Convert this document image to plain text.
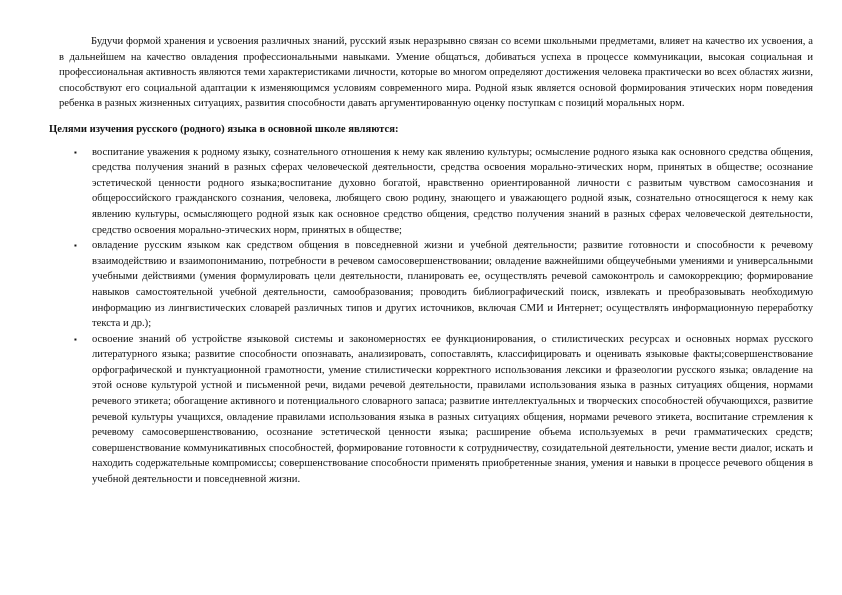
Будучи формой хранения и усвоения различных знаний, русский язык неразрывно связан со всеми школьными предметами, влияет на качество их усвоения, а в дальнейшем на качество овладения профессиональными навыками. Умение общаться, добиваться успеха в процессе коммуникации, высокая социальная и профессиональная активность являются теми характеристиками личности, которые во многом определяют достижения человека практически во всех областях жизни, способствуют его социальной адаптации к изменяющимся условиям современного мира. Родной язык является основой формирования этических норм поведения ребенка в разных жизненных ситуациях, развития способности давать аргументированную оценку поступкам с позиций моральных норм.

Целями изучения русского (родного) языка в основной школе являются:

▪ воспитание уважения к родному языку, сознательного отношения к нему как явлению культуры; осмысление родного языка как основного средства общения, средства получения знаний в разных сферах человеческой деятельности, средства освоения морально-этических норм, принятых в обществе; осознание эстетической ценности родного языка;воспитание духовно богатой, нравственно ориентированной личности с развитым чувством самосознания и общероссийского гражданского сознания, человека, любящего свою родину, знающего и уважающего родной язык, сознательно относящегося к нему как явлению культуры, осмысляющего родной язык как основное средство общения, средство получения знаний в разных сферах человеческой деятельности, средство освоения морально-этических норм, принятых в обществе;
▪ овладение русским языком как средством общения в повседневной жизни и учебной деятельности; развитие готовности и способности к речевому взаимодействию и взаимопониманию, потребности в речевом самосовершенствовании; овладение важнейшими общеучебными умениями и универсальными учебными действиями (умения формулировать цели деятельности, планировать ее, осуществлять речевой самоконтроль и самокоррекцию; формирование навыков самостоятельной учебной деятельности, самообразования; проводить библиографический поиск, извлекать и преобразовывать необходимую информацию из лингвистических словарей различных типов и других источников, включая СМИ и Интернет; осуществлять информационную переработку текста и др.);
▪ освоение знаний об устройстве языковой системы и закономерностях ее функционирования, о стилистических ресурсах и основных нормах русского литературного языка; развитие способности опознавать, анализировать, сопоставлять, классифицировать и оценивать языковые факты;совершенствование орфографической и пунктуационной грамотности, умение стилистически корректного использования лексики и фразеологии русского языка; овладение на этой основе культурой устной и письменной речи, видами речевой деятельности, правилами использования языка в разных ситуациях общения, нормами речевого этикета; обогащение активного и потенциального словарного запаса; развитие интеллектуальных и творческих способностей обучающихся, развитие речевой культуры учащихся, овладение правилами использования языка в разных ситуациях общения, нормами речевого этикета, воспитание стремления к речевому самосовершенствованию, осознание эстетической ценности языка; расширение объема используемых в речи грамматических средств; совершенствование коммуникативных способностей, формирование готовности к сотрудничеству, созидательной деятельности, умение вести диалог, искать и находить содержательные компромиссы; совершенствование способности применять приобретенные знания, умения и навыки в процессе речевого общения в учебной деятельности и повседневной жизни.
